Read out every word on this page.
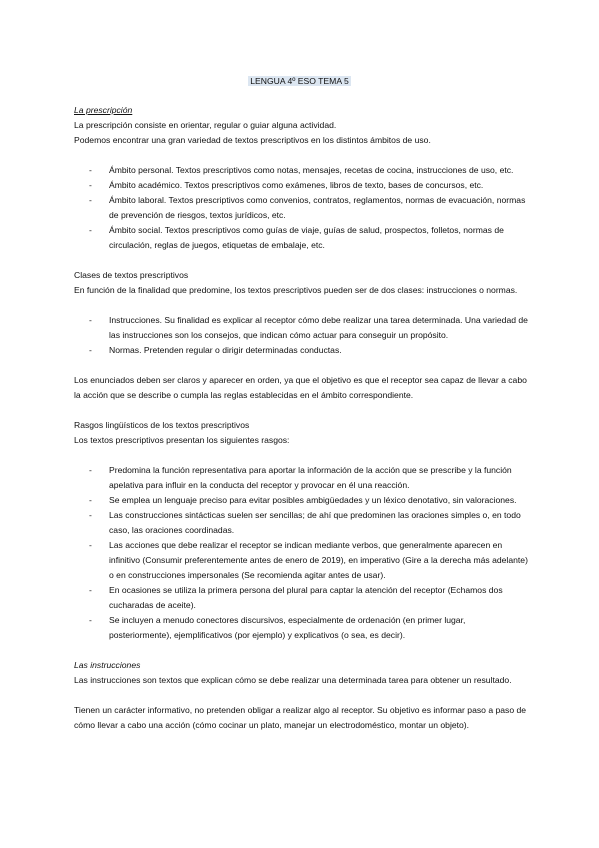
LENGUA 4º ESO TEMA 5

La prescripción

La prescripción consiste en orientar, regular o guiar alguna actividad.

Podemos encontrar una gran variedad de textos prescriptivos en los distintos ámbitos de uso.

- Ámbito personal. Textos prescriptivos como notas, mensajes, recetas de cocina, instrucciones de uso, etc.
- Ámbito académico. Textos prescriptivos como exámenes, libros de texto, bases de concursos, etc.
- Ámbito laboral. Textos prescriptivos como convenios, contratos, reglamentos, normas de evacuación, normas de prevención de riesgos, textos jurídicos, etc.
- Ámbito social. Textos prescriptivos como guías de viaje, guías de salud, prospectos, folletos, normas de circulación, reglas de juegos, etiquetas de embalaje, etc.

Clases de textos prescriptivos

En función de la finalidad que predomine, los textos prescriptivos pueden ser de dos clases: instrucciones o normas.

- Instrucciones. Su finalidad es explicar al receptor cómo debe realizar una tarea determinada. Una variedad de las instrucciones son los consejos, que indican cómo actuar para conseguir un propósito.
- Normas. Pretenden regular o dirigir determinadas conductas.

Los enunciados deben ser claros y aparecer en orden, ya que el objetivo es que el receptor sea capaz de llevar a cabo la acción que se describe o cumpla las reglas establecidas en el ámbito correspondiente.

Rasgos lingüísticos de los textos prescriptivos

Los textos prescriptivos presentan los siguientes rasgos:

- Predomina la función representativa para aportar la información de la acción que se prescribe y la función apelativa para influir en la conducta del receptor y provocar en él una reacción.
- Se emplea un lenguaje preciso para evitar posibles ambigüedades y un léxico denotativo, sin valoraciones.
- Las construcciones sintácticas suelen ser sencillas; de ahí que predominen las oraciones simples o, en todo caso, las oraciones coordinadas.
- Las acciones que debe realizar el receptor se indican mediante verbos, que generalmente aparecen en infinitivo (Consumir preferentemente antes de enero de 2019), en imperativo (Gire a la derecha más adelante) o en construcciones impersonales (Se recomienda agitar antes de usar).
- En ocasiones se utiliza la primera persona del plural para captar la atención del receptor (Echamos dos cucharadas de aceite).
- Se incluyen a menudo conectores discursivos, especialmente de ordenación (en primer lugar, posteriormente), ejemplificativos (por ejemplo) y explicativos (o sea, es decir).

Las instrucciones

Las instrucciones son textos que explican cómo se debe realizar una determinada tarea para obtener un resultado.

Tienen un carácter informativo, no pretenden obligar a realizar algo al receptor. Su objetivo es informar paso a paso de cómo llevar a cabo una acción (cómo cocinar un plato, manejar un electrodoméstico, montar un objeto).
